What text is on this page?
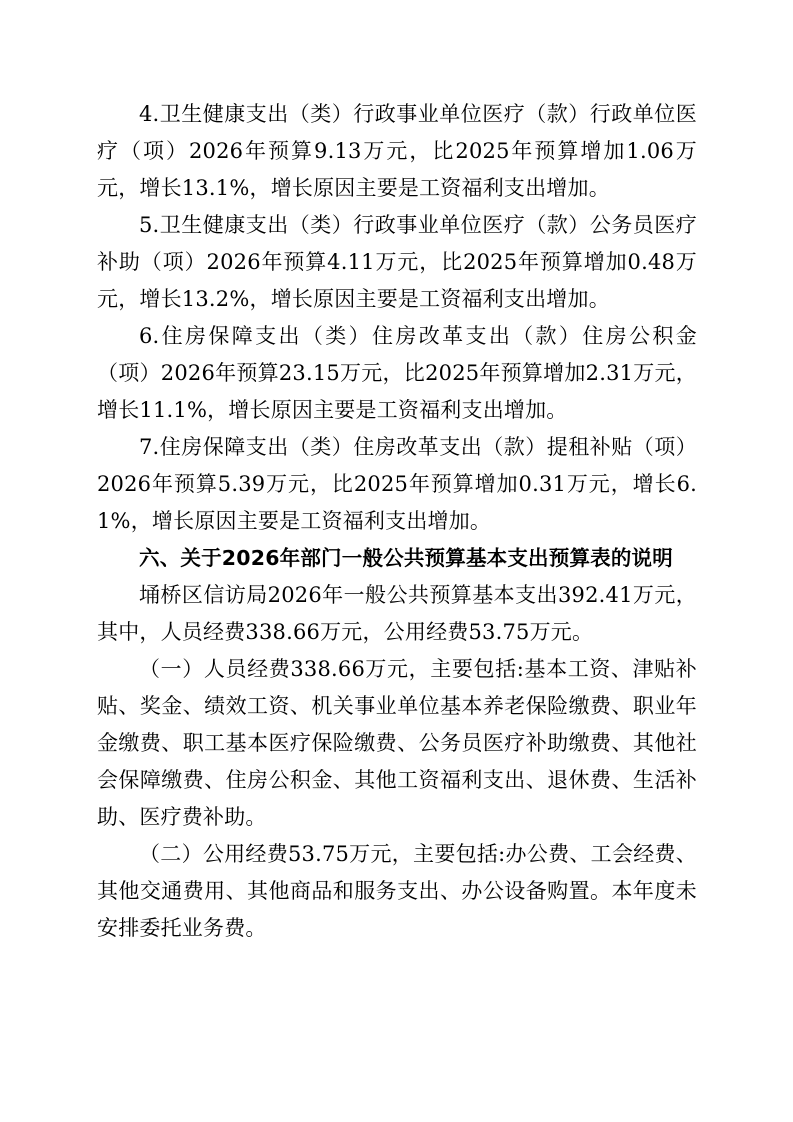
4.卫生健康支出（类）行政事业单位医疗（款）行政单位医疗（项）2026年预算9.13万元，比2025年预算增加1.06万元，增长13.1%，增长原因主要是工资福利支出增加。

5.卫生健康支出（类）行政事业单位医疗（款）公务员医疗补助（项）2026年预算4.11万元，比2025年预算增加0.48万元，增长13.2%，增长原因主要是工资福利支出增加。

6.住房保障支出（类）住房改革支出（款）住房公积金（项）2026年预算23.15万元，比2025年预算增加2.31万元，增长11.1%，增长原因主要是工资福利支出增加。

7.住房保障支出（类）住房改革支出（款）提租补贴（项）2026年预算5.39万元，比2025年预算增加0.31万元，增长6.1%，增长原因主要是工资福利支出增加。

六、关于2026年部门一般公共预算基本支出预算表的说明

埇桥区信访局2026年一般公共预算基本支出392.41万元，其中，人员经费338.66万元，公用经费53.75万元。

（一）人员经费338.66万元，主要包括:基本工资、津贴补贴、奖金、绩效工资、机关事业单位基本养老保险缴费、职业年金缴费、职工基本医疗保险缴费、公务员医疗补助缴费、其他社会保障缴费、住房公积金、其他工资福利支出、退休费、生活补助、医疗费补助。

（二）公用经费53.75万元，主要包括:办公费、工会经费、其他交通费用、其他商品和服务支出、办公设备购置。本年度未安排委托业务费。
